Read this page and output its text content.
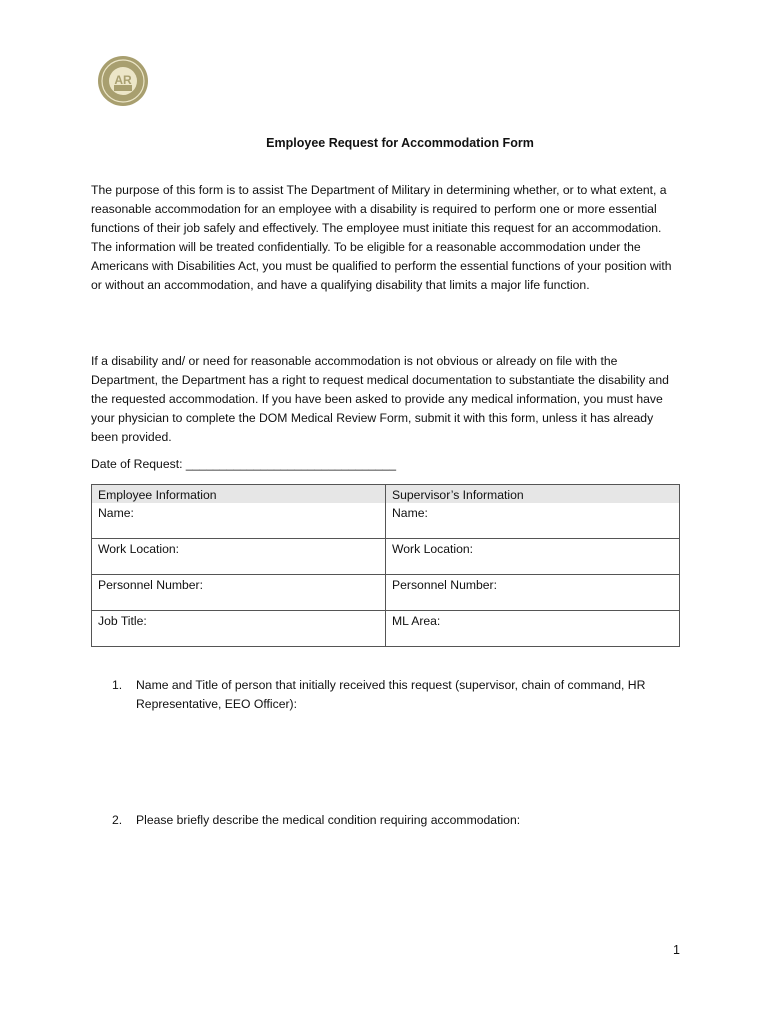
AR
Employee Request for Accommodation Form
The purpose of this form is to assist The Department of Military in determining whether, or to what extent, a reasonable accommodation for an employee with a disability is required to perform one or more essential functions of their job safely and effectively. The employee must initiate this request for an accommodation. The information will be treated confidentially. To be eligible for a reasonable accommodation under the Americans with Disabilities Act, you must be qualified to perform the essential functions of your position with or without an accommodation, and have a qualifying disability that limits a major life function.
If a disability and/ or need for reasonable accommodation is not obvious or already on file with the Department, the Department has a right to request medical documentation to substantiate the disability and the requested accommodation. If you have been asked to provide any medical information, you must have your physician to complete the DOM Medical Review Form, submit it with this form, unless it has already been provided.
Date of Request: _______________________________
Employee Information	Supervisor’s Information
Name:	Name:
Work Location:	Work Location:
Personnel Number:	Personnel Number:
Job Title:	ML Area:
1.	Name and Title of person that initially received this request (supervisor, chain of command, HR Representative, EEO Officer):
2.	Please briefly describe the medical condition requiring accommodation:
1
